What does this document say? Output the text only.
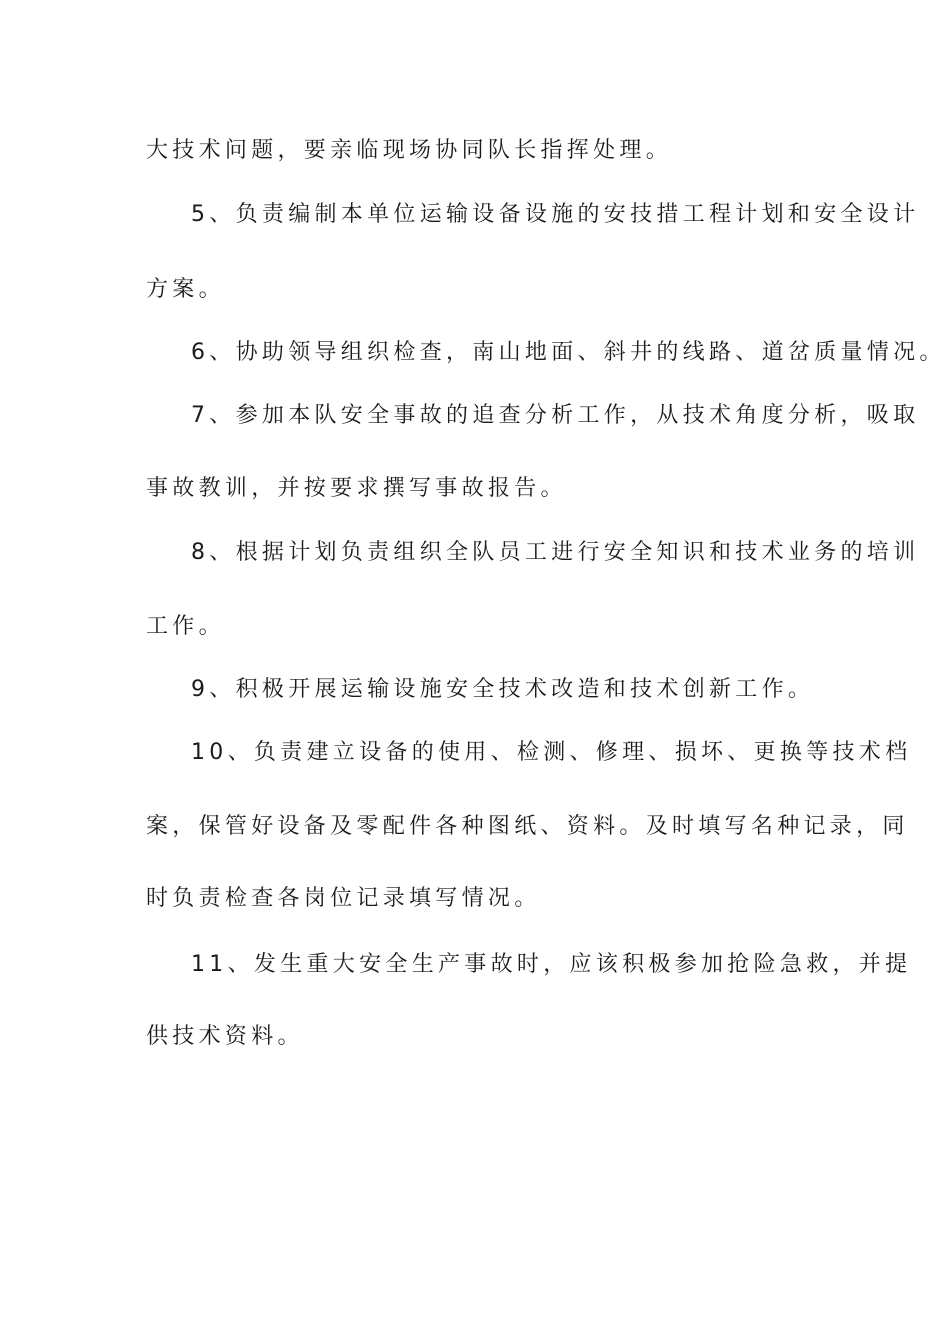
大技术问题，要亲临现场协同队长指挥处理。
5、负责编制本单位运输设备设施的安技措工程计划和安全设计
方案。
6、协助领导组织检查，南山地面、斜井的线路、道岔质量情况。
7、参加本队安全事故的追查分析工作，从技术角度分析，吸取
事故教训，并按要求撰写事故报告。
8、根据计划负责组织全队员工进行安全知识和技术业务的培训
工作。
9、积极开展运输设施安全技术改造和技术创新工作。
10、负责建立设备的使用、检测、修理、损坏、更换等技术档
案，保管好设备及零配件各种图纸、资料。及时填写名种记录，同
时负责检查各岗位记录填写情况。
11、发生重大安全生产事故时，应该积极参加抢险急救，并提
供技术资料。
